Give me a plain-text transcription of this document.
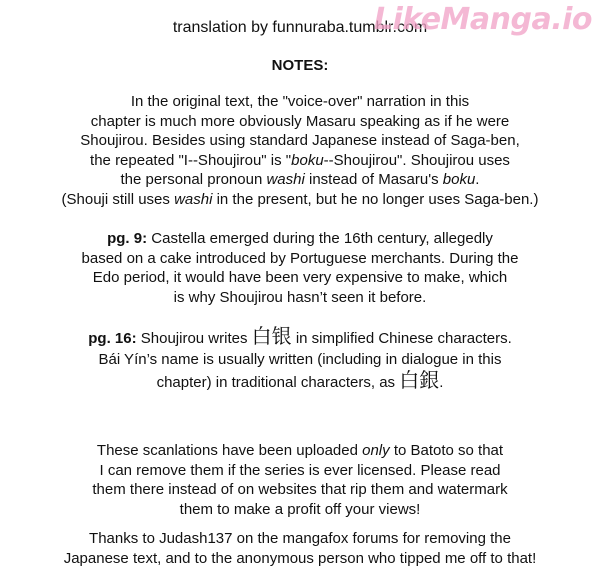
translation by funnuraba.tumblr.com
LikeManga.io
NOTES:

In the original text, the "voice-over" narration in this

chapter is much more obviously Masaru speaking as if he were

Shoujirou. Besides using standard Japanese instead of Saga-ben,

the repeated "I--Shoujirou" is "boku--Shoujirou". Shoujirou uses

the personal pronoun washi instead of Masaru's boku.

(Shouji still uses washi in the present, but he no longer uses Saga-ben.)

pg. 9: Castella emerged during the 16th century, allegedly

based on a cake introduced by Portuguese merchants. During the

Edo period, it would have been very expensive to make, which

is why Shoujirou hasn’t seen it before.

pg. 16: Shoujirou writes 白银 in simplified Chinese characters.

Bái Yín’s name is usually written (including in dialogue in this

chapter) in traditional characters, as 白銀.

These scanlations have been uploaded only to Batoto so that

I can remove them if the series is ever licensed. Please read

them there instead of on websites that rip them and watermark

them to make a profit off your views!

Thanks to Judash137 on the mangafox forums for removing the

Japanese text, and to the anonymous person who tipped me off to that!
